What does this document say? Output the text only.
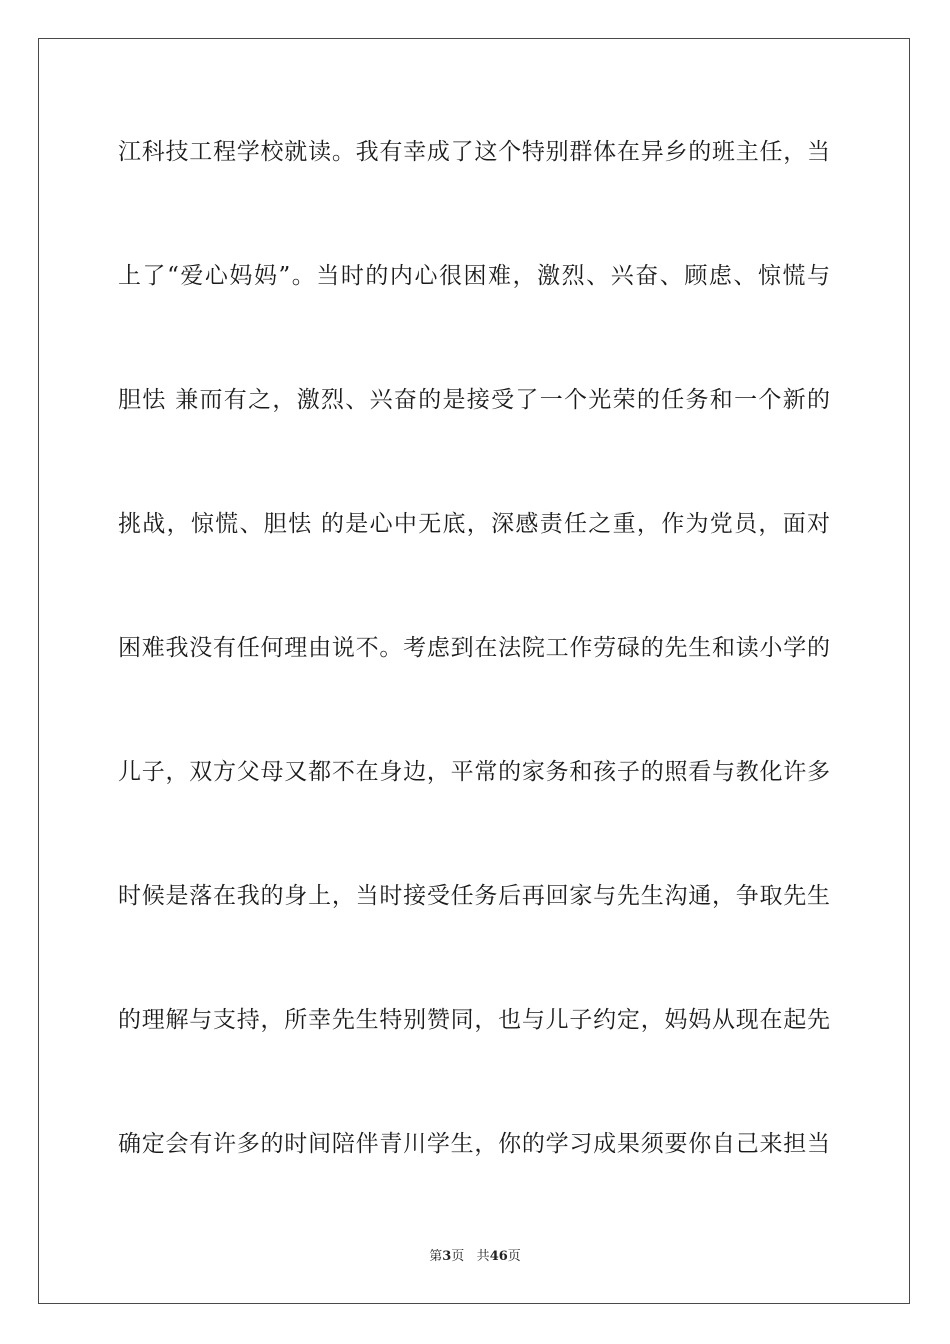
江科技工程学校就读。我有幸成了这个特别群体在异乡的班主任，当
上了“爱心妈妈”。当时的内心很困难，激烈、兴奋、顾虑、惊慌与
胆怯 兼而有之，激烈、兴奋的是接受了一个光荣的任务和一个新的
挑战，惊慌、胆怯 的是心中无底，深感责任之重，作为党员，面对
困难我没有任何理由说不。考虑到在法院工作劳碌的先生和读小学的
儿子，双方父母又都不在身边，平常的家务和孩子的照看与教化许多
时候是落在我的身上，当时接受任务后再回家与先生沟通，争取先生
的理解与支持，所幸先生特别赞同，也与儿子约定，妈妈从现在起先
确定会有许多的时间陪伴青川学生，你的学习成果须要你自己来担当
第3页 共46页
